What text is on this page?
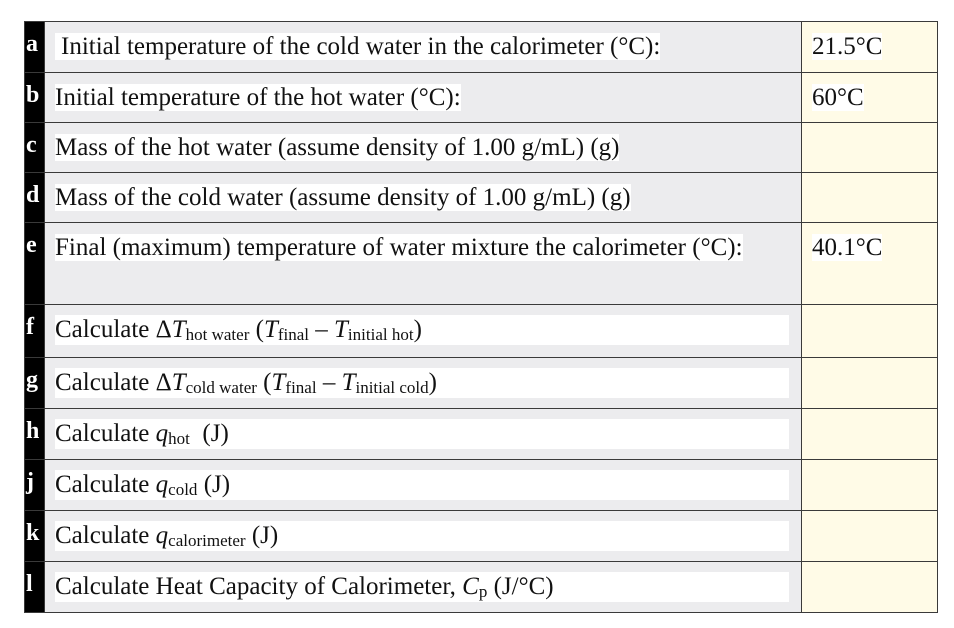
a	Initial temperature of the cold water in the calorimeter (°C):	21.5°C
b	Initial temperature of the hot water (°C):	60°C
c	Mass of the hot water (assume density of 1.00 g/mL) (g)	
d	Mass of the cold water (assume density of 1.00 g/mL) (g)	
e	Final (maximum) temperature of water mixture the calorimeter (°C):	40.1°C
f	Calculate $\Delta T_{hot water}$ $(T_{final} - T_{initial hot})$	

g	Calculate $\Delta T_{cold water}$ $(T_{final} - T_{initial cold})$	

h	Calculate $q_{hot}$  (J)	

j	Calculate $q_{cold}$ (J)	

k	Calculate $q_{calorimeter}$ (J)	

l	Calculate Heat Capacity of Calorimeter, $C_p$ (J/°C)	
